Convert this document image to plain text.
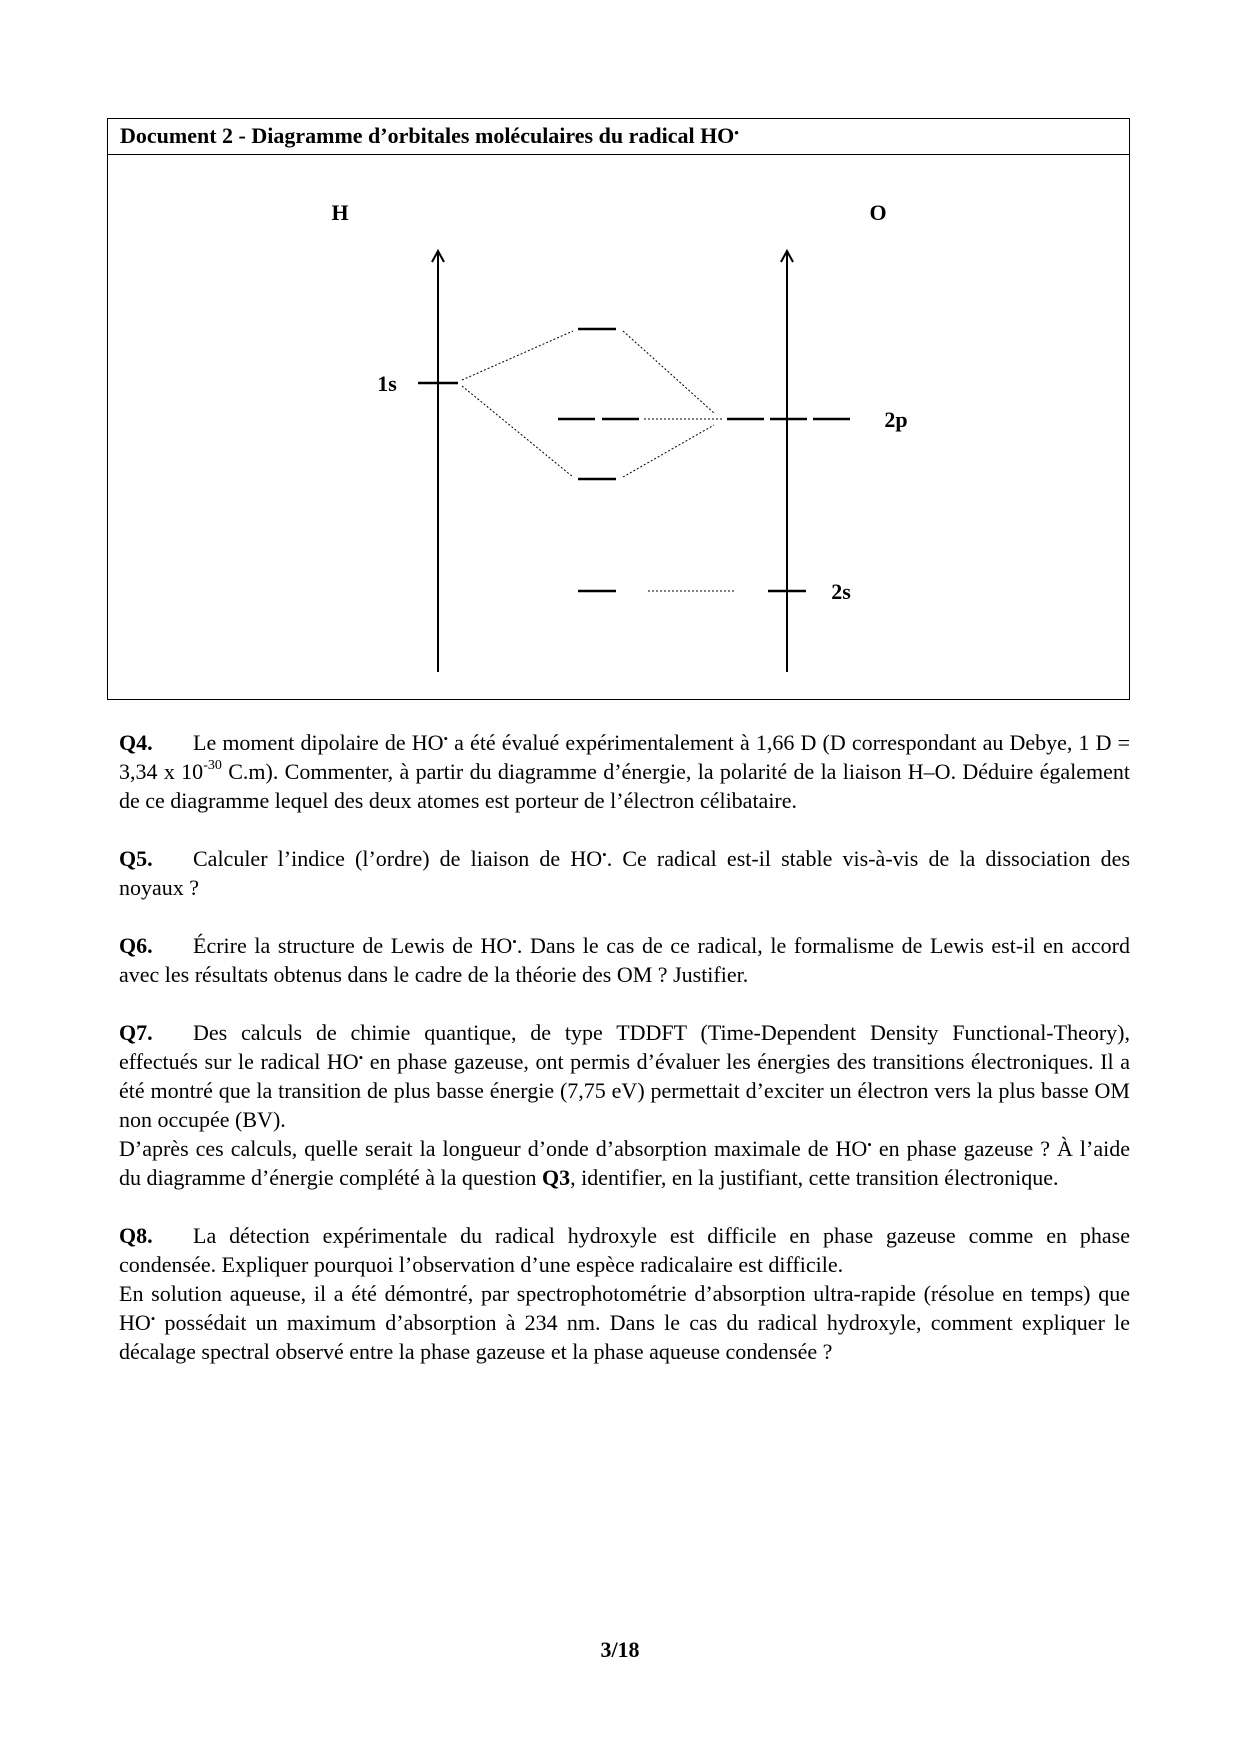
Document 2 - Diagramme d’orbitales moléculaires du radical HO•
H	O
1s
2p
2s

Q4. Le moment dipolaire de HO• a été évalué expérimentalement à 1,66 D (D correspondant au Debye, 1 D = 3,34 x $10^{-30}$ C.m). Commenter, à partir du diagramme d’énergie, la polarité de la liaison H–O. Déduire également de ce diagramme lequel des deux atomes est porteur de l’électron célibataire.

Q5. Calculer l’indice (l’ordre) de liaison de HO•. Ce radical est-il stable vis-à-vis de la dissociation des noyaux ?

Q6. Écrire la structure de Lewis de HO•. Dans le cas de ce radical, le formalisme de Lewis est-il en accord avec les résultats obtenus dans le cadre de la théorie des OM ? Justifier.

Q7. Des calculs de chimie quantique, de type TDDFT (Time-Dependent Density Functional-Theory), effectués sur le radical HO• en phase gazeuse, ont permis d’évaluer les énergies des transitions électroniques. Il a été montré que la transition de plus basse énergie (7,75 eV) permettait d’exciter un électron vers la plus basse OM non occupée (BV).

D’après ces calculs, quelle serait la longueur d’onde d’absorption maximale de HO• en phase gazeuse ? À l’aide du diagramme d’énergie complété à la question Q3, identifier, en la justifiant, cette transition électronique.

Q8. La détection expérimentale du radical hydroxyle est difficile en phase gazeuse comme en phase condensée. Expliquer pourquoi l’observation d’une espèce radicalaire est difficile.

En solution aqueuse, il a été démontré, par spectrophotométrie d’absorption ultra-rapide (résolue en temps) que HO• possédait un maximum d’absorption à 234 nm. Dans le cas du radical hydroxyle, comment expliquer le décalage spectral observé entre la phase gazeuse et la phase aqueuse condensée ?

3/18
